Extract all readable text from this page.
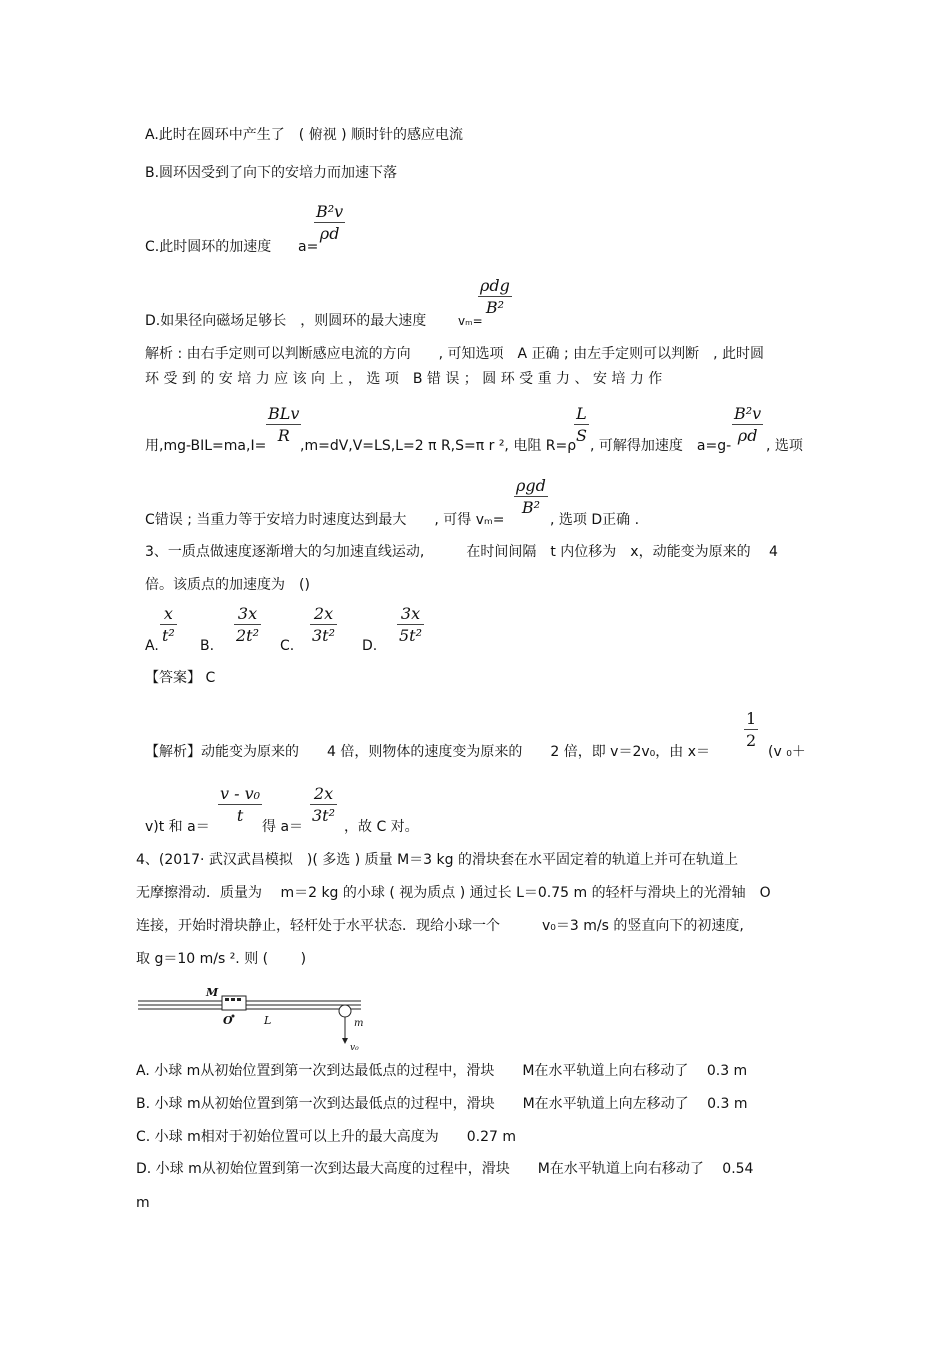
A.此时在圆环中产生了　( 俯视 ) 顺时针的感应电流
B.圆环因受到了向下的安培力而加速下落
C.此时圆环的加速度 a=
B²v
ρd
D.如果径向磁场足够长　，则圆环的最大速度	vₘ=
ρdg
B²
解析 : 由右手定则可以判断感应电流的方向　　, 可知选项　A 正确 ; 由左手定则可以判断　, 此时圆
环 受 到 的 安 培 力 应 该 向 上 ， 选 项　B 错 误 ； 圆 环 受 重 力 、 安 培 力 作
用,mg-BIL=ma,I=
BLv
R
,m=dV,V=LS,L=2 π R,S=π r ², 电阻 R=ρ
L
S
, 可解得加速度　a=g-
B²v
ρd
, 选项
C错误 ; 当重力等于安培力时速度达到最大　　, 可得 vₘ=
ρgd
B²
, 选项 D正确 .
3、一质点做速度逐渐增大的匀加速直线运动,　　　在时间间隔　t 内位移为　x，动能变为原来的　 4
倍。该质点的加速度为　()
A.
x
t²
B.
3x
2t²
C.
2x
3t²
D.
3x
5t²
【答案】 C
【解析】动能变为原来的　　4 倍，则物体的速度变为原来的　　2 倍，即 v＝2v₀，由 x＝
1
2
(v ₀＋
v)t 和 a＝
v - v₀
t
得 a＝
2x
3t²
，故 C 对。
4、(2017· 武汉武昌模拟　)( 多选 ) 质量 M＝3 kg 的滑块套在水平固定着的轨道上并可在轨道上
无摩擦滑动．质量为　 m＝2 kg 的小球 ( 视为质点 ) 通过长 L＝0.75 m 的轻杆与滑块上的光滑轴　O
连接，开始时滑块静止，轻杆处于水平状态．现给小球一个　　　v₀＝3 m/s 的竖直向下的初速度,
取 g＝10 m/s ². 则 (　　 )
M
O	L	m
v₀
A. 小球 m从初始位置到第一次到达最低点的过程中，滑块　　M在水平轨道上向右移动了　 0.3 m
B. 小球 m从初始位置到第一次到达最低点的过程中，滑块　　M在水平轨道上向左移动了　 0.3 m
C. 小球 m相对于初始位置可以上升的最大高度为　　0.27 m
D. 小球 m从初始位置到第一次到达最大高度的过程中，滑块　　M在水平轨道上向右移动了　 0.54
m
